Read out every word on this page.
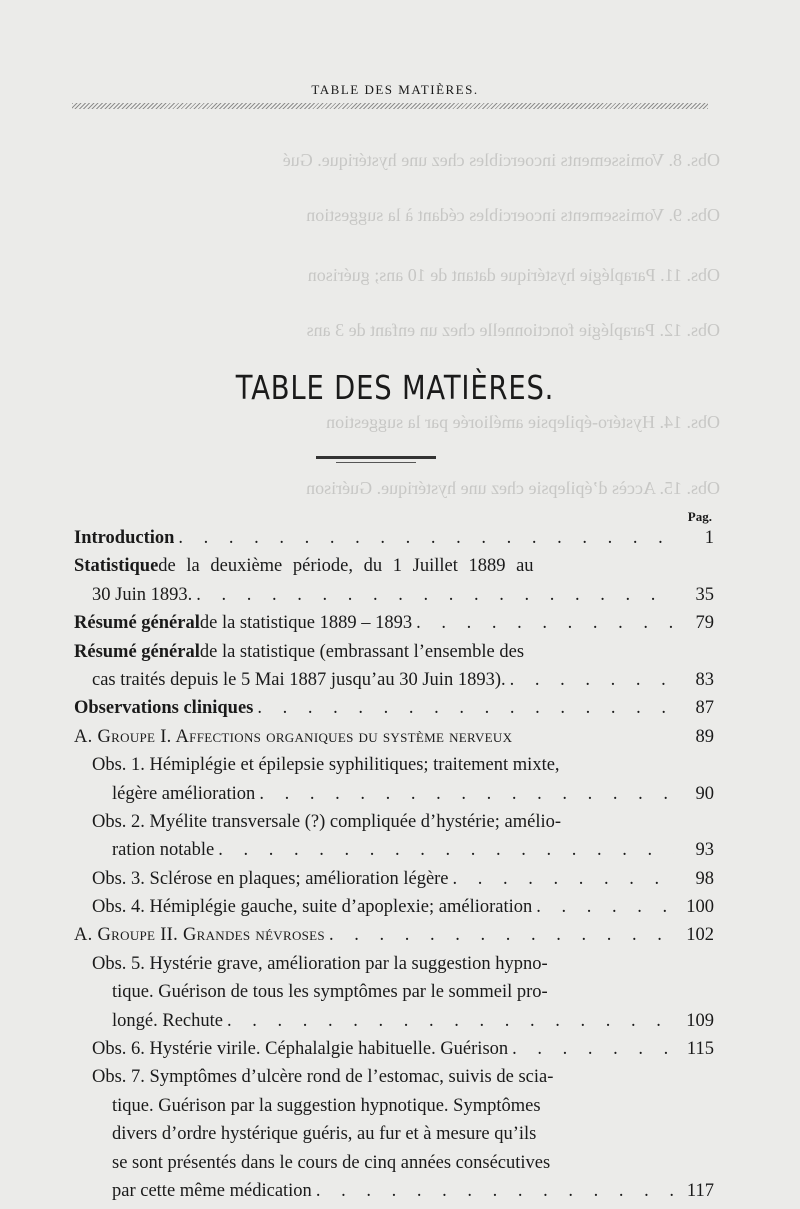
TABLE DES MATIÈRES.
Obs. 8. Vomissements incoercibles chez une hystérique. Gué
Obs. 9. Vomissements incoercibles cédant à la suggestion
Obs. 11. Paraplégie hystérique datant de 10 ans; guérison
Obs. 12. Paraplégie fonctionnelle chez un enfant de 3 ans
Obs. 14. Hystéro-épilepsie améliorée par la suggestion
Obs. 15. Accès d’épilepsie chez une hystérique. Guérison
TABLE DES MATIÈRES.
Pag.
Introduction . . .	1
Statistique de la deuxième période, du 1 Juillet 1889 au
30 Juin 1893. . . .	35
Résumé général de la statistique 1889 – 1893 . . .	79
Résumé général de la statistique (embrassant l’ensemble des
cas traités depuis le 5 Mai 1887 jusqu’au 30 Juin 1893). . . .	83
Observations cliniques . . .	87
A. Groupe I. Affections organiques du système nerveux	89
Obs. 1. Hémiplégie et épilepsie syphilitiques; traitement mixte,
légère amélioration . . .	90
Obs. 2. Myélite transversale (?) compliquée d’hystérie; amélio-
ration notable . . .	93
Obs. 3. Sclérose en plaques; amélioration légère . . .	98
Obs. 4. Hémiplégie gauche, suite d’apoplexie; amélioration . . .	100
A. Groupe II. Grandes névroses . . .	102
Obs. 5. Hystérie grave, amélioration par la suggestion hypno-
tique. Guérison de tous les symptômes par le sommeil pro-
longé. Rechute . . .	109
Obs. 6. Hystérie virile. Céphalalgie habituelle. Guérison . . .	115
Obs. 7. Symptômes d’ulcère rond de l’estomac, suivis de scia-
tique. Guérison par la suggestion hypnotique. Symptômes
divers d’ordre hystérique guéris, au fur et à mesure qu’ils
se sont présentés dans le cours de cinq années consécutives
par cette même médication . . .	117
